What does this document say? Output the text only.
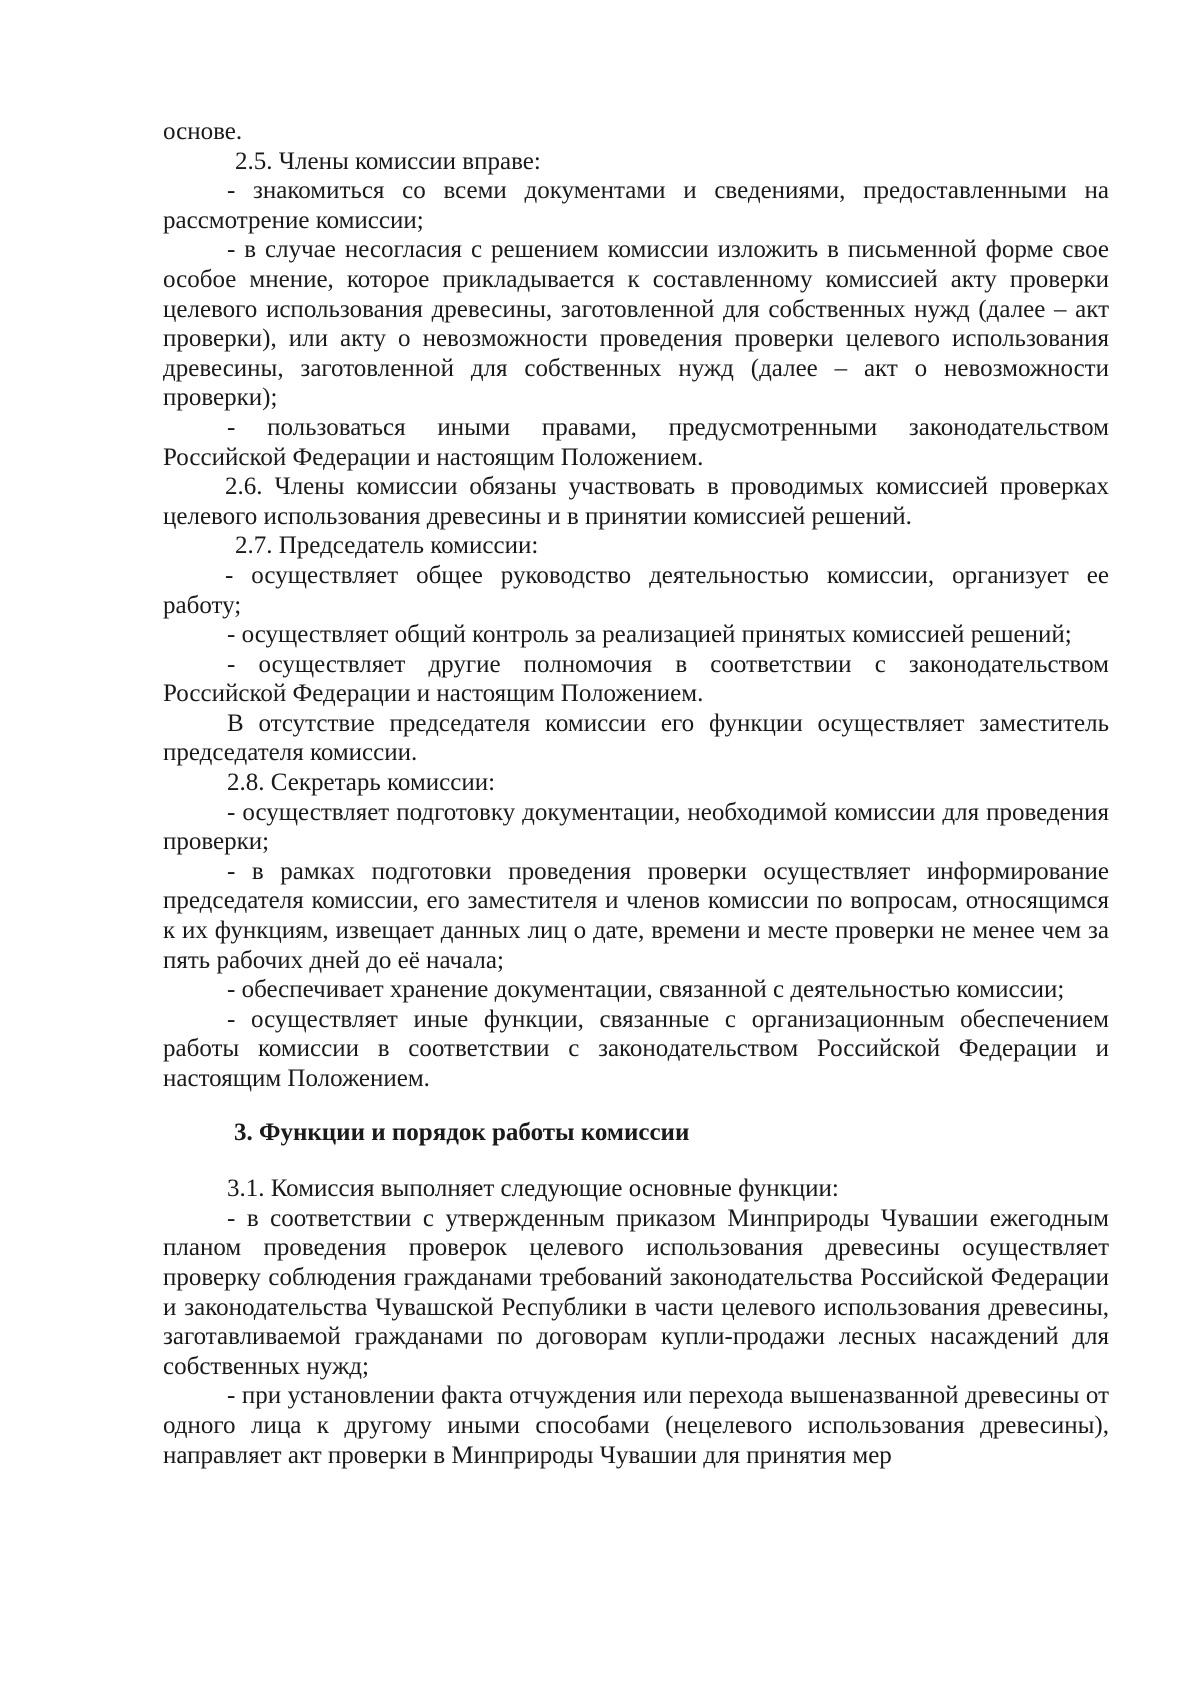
основе.

2.5. Члены комиссии вправе:

- знакомиться со всеми документами и сведениями, предоставленными на рассмотрение комиссии;

- в случае несогласия с решением комиссии изложить в письменной форме свое особое мнение, которое прикладывается к составленному комиссией акту проверки целевого использования древесины, заготовленной для собственных нужд (далее – акт проверки), или акту о невозможности проведения проверки целевого использования древесины, заготовленной для собственных нужд (далее – акт о невозможности проверки);

- пользоваться иными правами, предусмотренными законодательством Российской Федерации и настоящим Положением.

2.6. Члены комиссии обязаны участвовать в проводимых комиссией проверках целевого использования древесины и в принятии комиссией решений.

2.7. Председатель комиссии:

- осуществляет общее руководство деятельностью комиссии, организует ее работу;

- осуществляет общий контроль за реализацией принятых комиссией решений;

- осуществляет другие полномочия в соответствии с законодательством Российской Федерации и настоящим Положением.

В отсутствие председателя комиссии его функции осуществляет заместитель председателя комиссии.

2.8. Секретарь комиссии:

- осуществляет подготовку документации, необходимой комиссии для проведения проверки;

- в рамках подготовки проведения проверки осуществляет информирование председателя комиссии, его заместителя и членов комиссии по вопросам, относящимся к их функциям, извещает данных лиц о дате, времени и месте проверки не менее чем за пять рабочих дней до её начала;

- обеспечивает хранение документации, связанной с деятельностью комиссии;

- осуществляет иные функции, связанные с организационным обеспечением работы комиссии в соответствии с законодательством Российской Федерации и настоящим Положением.

3. Функции и порядок работы комиссии

3.1. Комиссия выполняет следующие основные функции:

- в соответствии с утвержденным приказом Минприроды Чувашии ежегодным планом проведения проверок целевого использования древесины осуществляет проверку соблюдения гражданами требований законодательства Российской Федерации и законодательства Чувашской Республики в части целевого использования древесины, заготавливаемой гражданами по договорам купли-продажи лесных насаждений для собственных нужд;

- при установлении факта отчуждения или перехода вышеназванной древесины от одного лица к другому иными способами (нецелевого использования древесины), направляет акт проверки в Минприроды Чувашии для принятия мер
